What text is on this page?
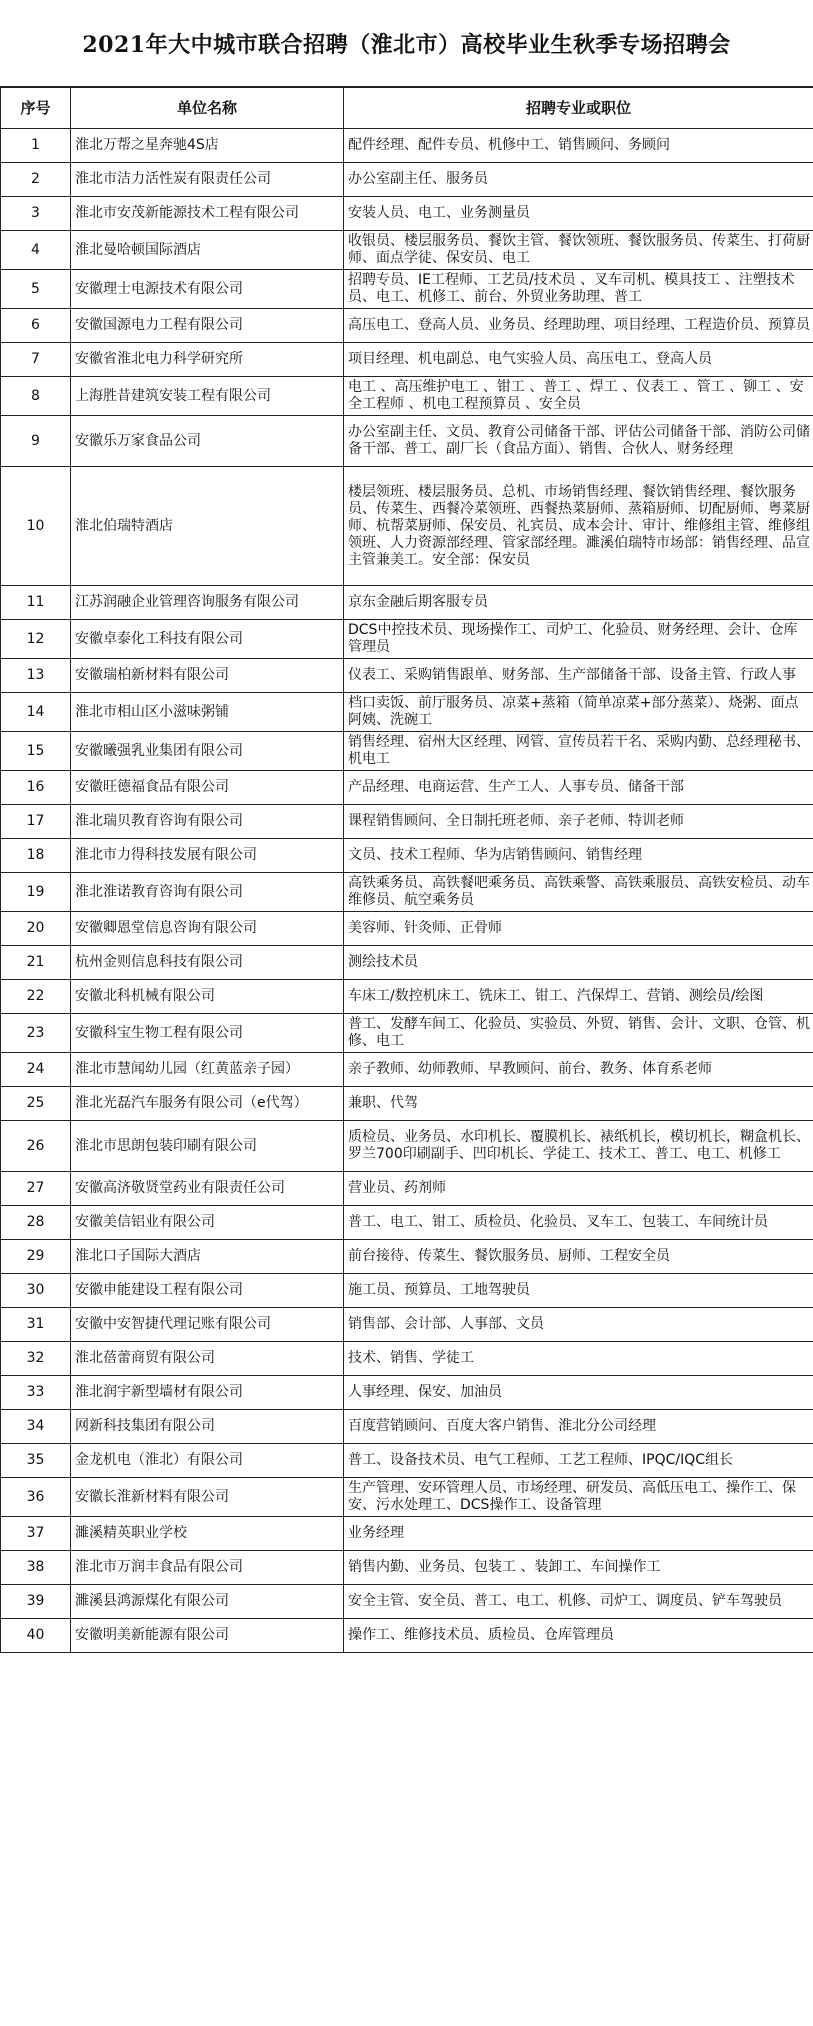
2021年大中城市联合招聘（淮北市）高校毕业生秋季专场招聘会
序号	单位名称	招聘专业或职位
1	淮北万帮之星奔驰4S店	配件经理、配件专员、机修中工、销售顾问、务顾问
2	淮北市洁力活性炭有限责任公司	办公室副主任、服务员
3	淮北市安茂新能源技术工程有限公司	安装人员、电工、业务测量员
4	淮北曼哈顿国际酒店	收银员、楼层服务员、餐饮主管、餐饮领班、餐饮服务员、传菜生、打荷厨师、面点学徒、保安员、电工
5	安徽理士电源技术有限公司	招聘专员、IE工程师、工艺员/技术员 、叉车司机、模具技工 、注塑技术员、电工、机修工、前台、外贸业务助理、普工
6	安徽国源电力工程有限公司	高压电工、登高人员、业务员、经理助理、项目经理、工程造价员、预算员
7	安徽省淮北电力科学研究所	项目经理、机电副总、电气实验人员、高压电工、登高人员
8	上海胜昔建筑安装工程有限公司	电工 、高压维护电工 、钳工 、普工 、焊工 、仪表工 、管工 、铆工 、安全工程师 、机电工程预算员 、安全员
9	安徽乐万家食品公司	办公室副主任、文员、教育公司储备干部、评估公司储备干部、消防公司储备干部、普工、副厂长（食品方面）、销售、合伙人、财务经理
10	淮北伯瑞特酒店	楼层领班、楼层服务员、总机、市场销售经理、餐饮销售经理、餐饮服务员、传菜生、西餐冷菜领班、西餐热菜厨师、蒸箱厨师、切配厨师、粤菜厨师、杭帮菜厨师、保安员、礼宾员、成本会计、审计、维修组主管、维修组领班、人力资源部经理、管家部经理。濉溪伯瑞特市场部：销售经理、品宣主管兼美工。安全部：保安员
11	江苏润融企业管理咨询服务有限公司	京东金融后期客服专员
12	安徽卓泰化工科技有限公司	DCS中控技术员、现场操作工、司炉工、化验员、财务经理、会计、仓库管理员
13	安徽瑞柏新材料有限公司	仪表工、采购销售跟单、财务部、生产部储备干部、设备主管、行政人事
14	淮北市相山区小滋味粥铺	档口卖饭、前厅服务员、凉菜+蒸箱（简单凉菜+部分蒸菜）、烧粥、面点阿姨、洗碗工
15	安徽曦强乳业集团有限公司	销售经理、宿州大区经理、网管、宣传员若干名、采购内勤、总经理秘书、机电工
16	安徽旺德福食品有限公司	产品经理、电商运营、生产工人、人事专员、储备干部
17	淮北瑞贝教育咨询有限公司	课程销售顾问、全日制托班老师、亲子老师、特训老师
18	淮北市力得科技发展有限公司	文员、技术工程师、华为店销售顾问、销售经理
19	淮北淮诺教育咨询有限公司	高铁乘务员、高铁餐吧乘务员、高铁乘警、高铁乘服员、高铁安检员、动车维修员、航空乘务员
20	安徽卿恩堂信息咨询有限公司	美容师、针灸师、正骨师
21	杭州金则信息科技有限公司	测绘技术员
22	安徽北科机械有限公司	车床工/数控机床工、铣床工、钳工、汽保焊工、营销、测绘员/绘图
23	安徽科宝生物工程有限公司	普工、发酵车间工、化验员、实验员、外贸、销售、会计、文职、仓管、机修、电工
24	淮北市慧闻幼儿园（红黄蓝亲子园）	亲子教师、幼师教师、早教顾问、前台、教务、体育系老师
25	淮北光磊汽车服务有限公司（e代驾）	兼职、代驾
26	淮北市思朗包装印刷有限公司	质检员、业务员、水印机长、覆膜机长、裱纸机长，模切机长，糊盒机长、罗兰700印刷副手、凹印机长、学徒工、技术工、普工、电工、机修工
27	安徽高济敬贤堂药业有限责任公司	营业员、药剂师
28	安徽美信铝业有限公司	普工、电工、钳工、质检员、化验员、叉车工、包装工、车间统计员
29	淮北口子国际大酒店	前台接待、传菜生、餐饮服务员、厨师、工程安全员
30	安徽申能建设工程有限公司	施工员、预算员、工地驾驶员
31	安徽中安智捷代理记账有限公司	销售部、会计部、人事部、文员
32	淮北蓓蕾商贸有限公司	技术、销售、学徒工
33	淮北润宇新型墙材有限公司	人事经理、保安、加油员
34	网新科技集团有限公司	百度营销顾问、百度大客户销售、淮北分公司经理
35	金龙机电（淮北）有限公司	普工、设备技术员、电气工程师、工艺工程师、IPQC/IQC组长
36	安徽长淮新材料有限公司	生产管理、安环管理人员、市场经理、研发员、高低压电工、操作工、保安、污水处理工、DCS操作工、设备管理
37	濉溪精英职业学校	业务经理
38	淮北市万润丰食品有限公司	销售内勤、业务员、包装工 、装卸工、车间操作工
39	濉溪县鸿源煤化有限公司	安全主管、安全员、普工、电工、机修、司炉工、调度员、铲车驾驶员
40	安徽明美新能源有限公司	操作工、维修技术员、质检员、仓库管理员
